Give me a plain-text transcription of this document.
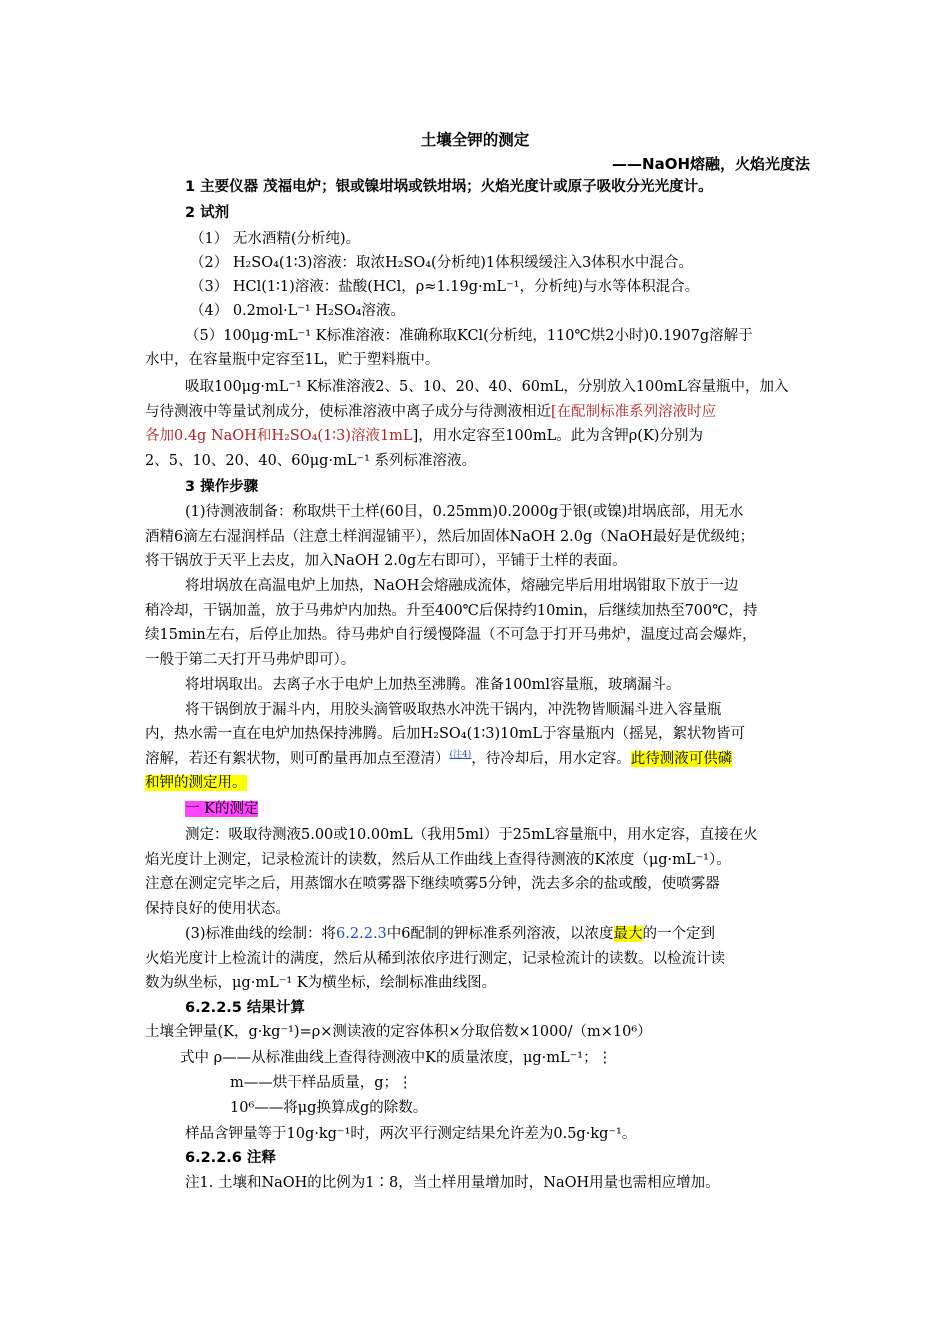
土壤全钾的测定
——NaOH熔融，火焰光度法
1 主要仪器 茂福电炉；银或镍坩埚或铁坩埚；火焰光度计或原子吸收分光光度计。
2 试剂
（1） 无水酒精(分析纯)。
（2） H₂SO₄(1∶3)溶液：取浓H₂SO₄(分析纯)1体积缓缓注入3体积水中混合。
（3） HCl(1∶1)溶液：盐酸(HCl，ρ≈1.19g·mL⁻¹，分析纯)与水等体积混合。
（4） 0.2mol·L⁻¹ H₂SO₄溶液。
（5）100μg·mL⁻¹ K标准溶液：准确称取KCl(分析纯，110℃烘2小时)0.1907g溶解于
水中，在容量瓶中定容至1L，贮于塑料瓶中。
吸取100μg·mL⁻¹ K标准溶液2、5、10、20、40、60mL，分别放入100mL容量瓶中，加入
与待测液中等量试剂成分，使标准溶液中离子成分与待测液相近[在配制标准系列溶液时应
各加0.4g NaOH和H₂SO₄(1∶3)溶液1mL]，用水定容至100mL。此为含钾ρ(K)分别为
2、5、10、20、40、60μg·mL⁻¹ 系列标准溶液。
3 操作步骤
(1)待测液制备：称取烘干土样(60目，0.25mm)0.2000g于银(或镍)坩埚底部，用无水
酒精6滴左右湿润样品（注意土样润湿铺平），然后加固体NaOH 2.0g（NaOH最好是优级纯；
将干锅放于天平上去皮，加入NaOH 2.0g左右即可），平铺于土样的表面。
将坩埚放在高温电炉上加热，NaOH会熔融成流体，熔融完毕后用坩埚钳取下放于一边
稍冷却，干锅加盖，放于马弗炉内加热。升至400℃后保持约10min，后继续加热至700℃，持
续15min左右，后停止加热。待马弗炉自行缓慢降温（不可急于打开马弗炉，温度过高会爆炸，
一般于第二天打开马弗炉即可）。
将坩埚取出。去离子水于电炉上加热至沸腾。准备100ml容量瓶，玻璃漏斗。
将干锅倒放于漏斗内，用胶头滴管吸取热水冲洗干锅内，冲洗物皆顺漏斗进入容量瓶
内，热水需一直在电炉加热保持沸腾。后加H₂SO₄(1∶3)10mL于容量瓶内（摇晃，絮状物皆可
溶解，若还有絮状物，则可酌量再加点至澄清）$^{(注4)}$，待冷却后，用水定容。此待测液可供磷
和钾的测定用。
一 K的测定
测定：吸取待测液5.00或10.00mL（我用5ml）于25mL容量瓶中，用水定容，直接在火
焰光度计上测定，记录检流计的读数，然后从工作曲线上查得待测液的K浓度（μg·mL⁻¹）。
注意在测定完毕之后，用蒸馏水在喷雾器下继续喷雾5分钟，洗去多余的盐或酸，使喷雾器
保持良好的使用状态。
(3)标准曲线的绘制：将6.2.2.3中6配制的钾标准系列溶液，以浓度最大的一个定到
火焰光度计上检流计的满度，然后从稀到浓依序进行测定，记录检流计的读数。以检流计读
数为纵坐标，μg·mL⁻¹ K为横坐标，绘制标准曲线图。
6.2.2.5 结果计算
土壤全钾量(K，g·kg⁻¹)=ρ×测读液的定容体积×分取倍数×1000/（m×10⁶）
式中 ρ——从标准曲线上查得待测液中K的质量浓度，μg·mL⁻¹；⋮
m——烘干样品质量，g；⋮
10⁶——将μg换算成g的除数。
样品含钾量等于10g·kg⁻¹时，两次平行测定结果允许差为0.5g·kg⁻¹。
6.2.2.6 注释
注1. 土壤和NaOH的比例为1∶8，当土样用量增加时，NaOH用量也需相应增加。
